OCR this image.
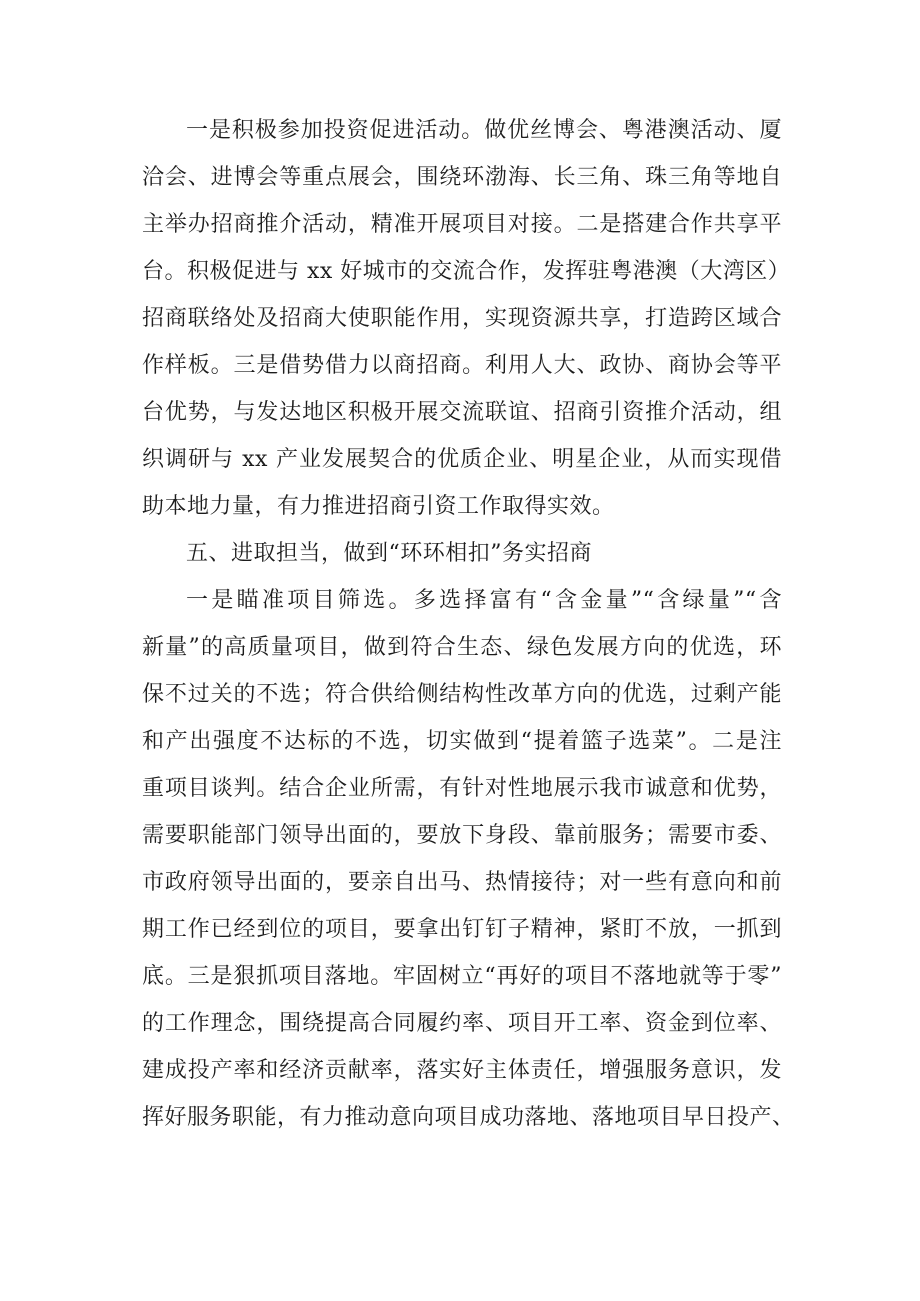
一是积极参加投资促进活动。做优丝博会、粤港澳活动、厦
洽会、进博会等重点展会，围绕环渤海、长三角、珠三角等地自
主举办招商推介活动，精准开展项目对接。二是搭建合作共享平
台。积极促进与 xx 好城市的交流合作，发挥驻粤港澳（大湾区）
招商联络处及招商大使职能作用，实现资源共享，打造跨区域合
作样板。三是借势借力以商招商。利用人大、政协、商协会等平
台优势，与发达地区积极开展交流联谊、招商引资推介活动，组
织调研与 xx 产业发展契合的优质企业、明星企业，从而实现借
助本地力量，有力推进招商引资工作取得实效。
五、进取担当，做到“环环相扣”务实招商
一是瞄准项目筛选。多选择富有“含金量”“含绿量”“含
新量”的高质量项目，做到符合生态、绿色发展方向的优选，环
保不过关的不选；符合供给侧结构性改革方向的优选，过剩产能
和产出强度不达标的不选，切实做到“提着篮子选菜”。二是注
重项目谈判。结合企业所需，有针对性地展示我市诚意和优势，
需要职能部门领导出面的，要放下身段、靠前服务；需要市委、
市政府领导出面的，要亲自出马、热情接待；对一些有意向和前
期工作已经到位的项目，要拿出钉钉子精神，紧盯不放，一抓到
底。三是狠抓项目落地。牢固树立“再好的项目不落地就等于零”
的工作理念，围绕提高合同履约率、项目开工率、资金到位率、
建成投产率和经济贡献率，落实好主体责任，增强服务意识，发
挥好服务职能，有力推动意向项目成功落地、落地项目早日投产、
